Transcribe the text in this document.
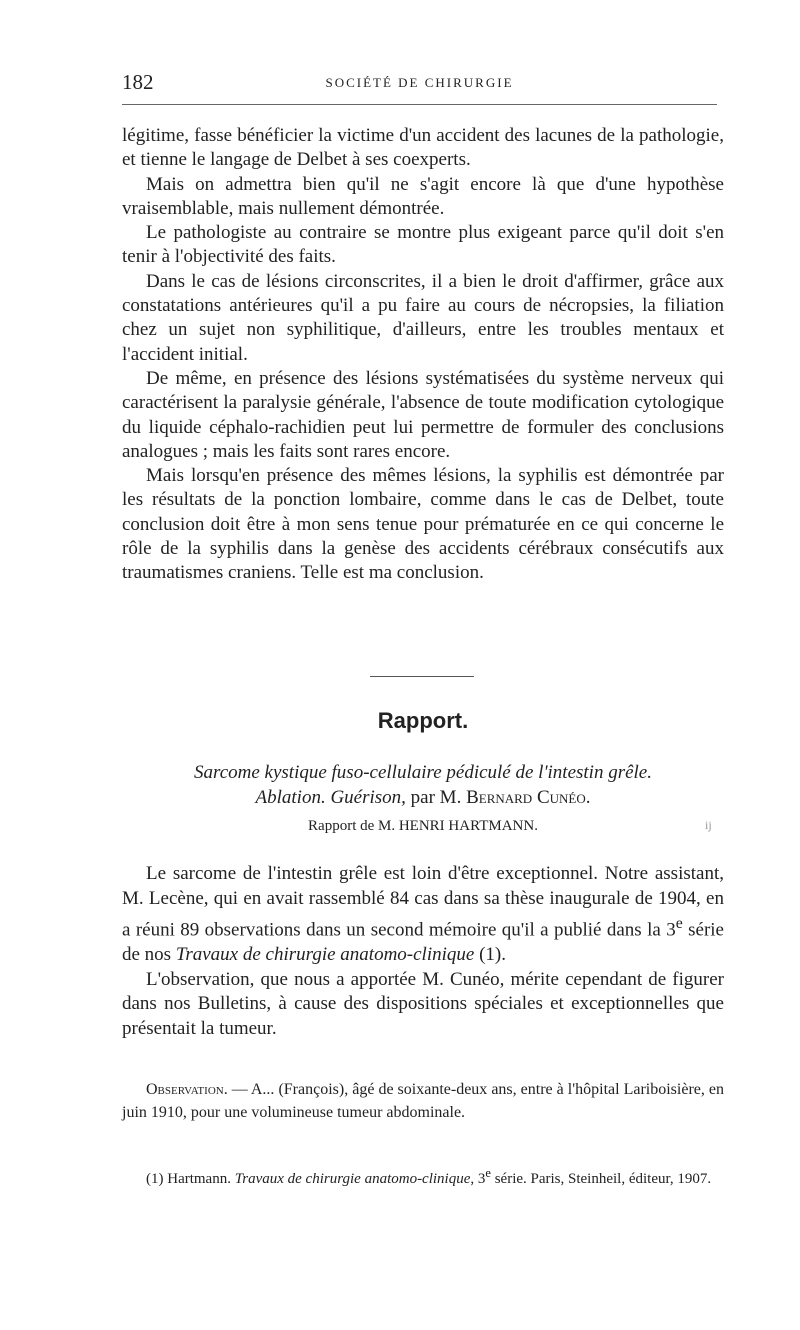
182	SOCIÉTÉ DE CHIRURGIE

légitime, fasse bénéficier la victime d'un accident des lacunes de la pathologie, et tienne le langage de Delbet à ses coexperts.

Mais on admettra bien qu'il ne s'agit encore là que d'une hypothèse vraisemblable, mais nullement démontrée.

Le pathologiste au contraire se montre plus exigeant parce qu'il doit s'en tenir à l'objectivité des faits.

Dans le cas de lésions circonscrites, il a bien le droit d'affirmer, grâce aux constatations antérieures qu'il a pu faire au cours de nécropsies, la filiation chez un sujet non syphilitique, d'ailleurs, entre les troubles mentaux et l'accident initial.

De même, en présence des lésions systématisées du système nerveux qui caractérisent la paralysie générale, l'absence de toute modification cytologique du liquide céphalo-rachidien peut lui permettre de formuler des conclusions analogues ; mais les faits sont rares encore.

Mais lorsqu'en présence des mêmes lésions, la syphilis est démontrée par les résultats de la ponction lombaire, comme dans le cas de Delbet, toute conclusion doit être à mon sens tenue pour prématurée en ce qui concerne le rôle de la syphilis dans la genèse des accidents cérébraux consécutifs aux traumatismes craniens. Telle est ma conclusion.

Rapport.
Sarcome kystique fuso-cellulaire pédiculé de l'intestin grêle.
Ablation. Guérison, par M. Bernard Cunéo.
Rapport de M. HENRI HARTMANN.	ij

Le sarcome de l'intestin grêle est loin d'être exceptionnel. Notre assistant, M. Lecène, qui en avait rassemblé 84 cas dans sa thèse inaugurale de 1904, en a réuni 89 observations dans un second mémoire qu'il a publié dans la 3e série de nos Travaux de chirurgie anatomo-clinique (1).

L'observation, que nous a apportée M. Cunéo, mérite cependant de figurer dans nos Bulletins, à cause des dispositions spéciales et exceptionnelles que présentait la tumeur.

Observation. — A... (François), âgé de soixante-deux ans, entre à l'hôpital Lariboisière, en juin 1910, pour une volumineuse tumeur abdominale.

(1) Hartmann. Travaux de chirurgie anatomo-clinique, 3e série. Paris, Steinheil, éditeur, 1907.
